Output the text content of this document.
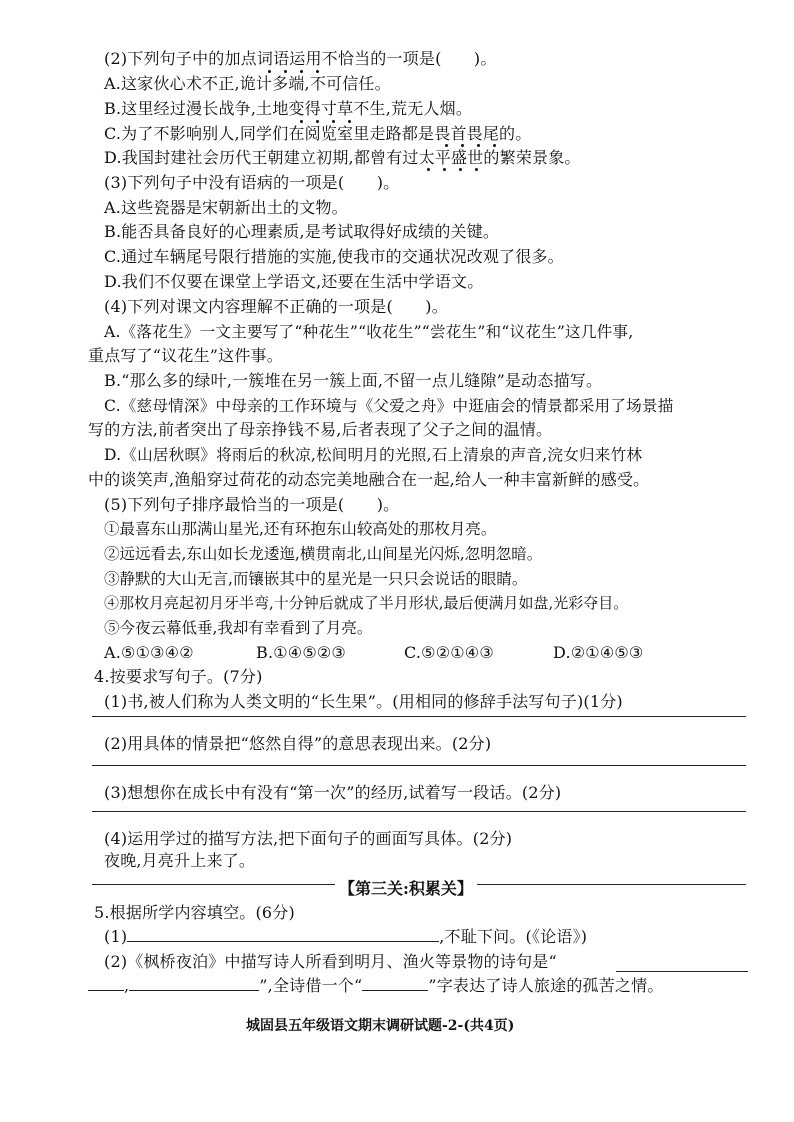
(2)下列句子中的加点词语运用不恰当的一项是(　　)。
A.这家伙心术不正,诡计多端,不可信任。
B.这里经过漫长战争,土地变得寸草不生,荒无人烟。
C.为了不影响别人,同学们在阅览室里走路都是畏首畏尾的。
D.我国封建社会历代王朝建立初期,都曾有过太平盛世的繁荣景象。
(3)下列句子中没有语病的一项是(　　)。
A.这些瓷器是宋朝新出土的文物。
B.能否具备良好的心理素质,是考试取得好成绩的关键。
C.通过车辆尾号限行措施的实施,使我市的交通状况改观了很多。
D.我们不仅要在课堂上学语文,还要在生活中学语文。
(4)下列对课文内容理解不正确的一项是(　　)。
A.《落花生》一文主要写了“种花生”“收花生”“尝花生”和“议花生”这几件事,
重点写了“议花生”这件事。
B.“那么多的绿叶,一簇堆在另一簇上面,不留一点儿缝隙”是动态描写。
C.《慈母情深》中母亲的工作环境与《父爱之舟》中逛庙会的情景都采用了场景描
写的方法,前者突出了母亲挣钱不易,后者表现了父子之间的温情。
D.《山居秋暝》将雨后的秋凉,松间明月的光照,石上清泉的声音,浣女归来竹林
中的谈笑声,渔船穿过荷花的动态完美地融合在一起,给人一种丰富新鲜的感受。
(5)下列句子排序最恰当的一项是(　　)。
①最喜东山那满山星光,还有环抱东山较高处的那枚月亮。
②远远看去,东山如长龙逶迤,横贯南北,山间星光闪烁,忽明忽暗。
③静默的大山无言,而镶嵌其中的星光是一只只会说话的眼睛。
④那枚月亮起初月牙半弯,十分钟后就成了半月形状,最后便满月如盘,光彩夺目。
⑤今夜云幕低垂,我却有幸看到了月亮。
A.⑤①③④②	B.①④⑤②③	C.⑤②①④③	D.②①④⑤③
4.按要求写句子。(7分)
(1)书,被人们称为人类文明的“长生果”。(用相同的修辞手法写句子)(1分)
(2)用具体的情景把“悠然自得”的意思表现出来。(2分)
(3)想想你在成长中有没有“第一次”的经历,试着写一段话。(2分)
(4)运用学过的描写方法,把下面句子的画面写具体。(2分)
夜晚,月亮升上来了。
【第三关:积累关】
5.根据所学内容填空。(6分)
(1)	,不耻下问。(《论语》)
(2)《枫桥夜泊》中描写诗人所看到明月、渔火等景物的诗句是“
,	”,全诗借一个“	”字表达了诗人旅途的孤苦之情。
城固县五年级语文期末调研试题-2-(共4页)
